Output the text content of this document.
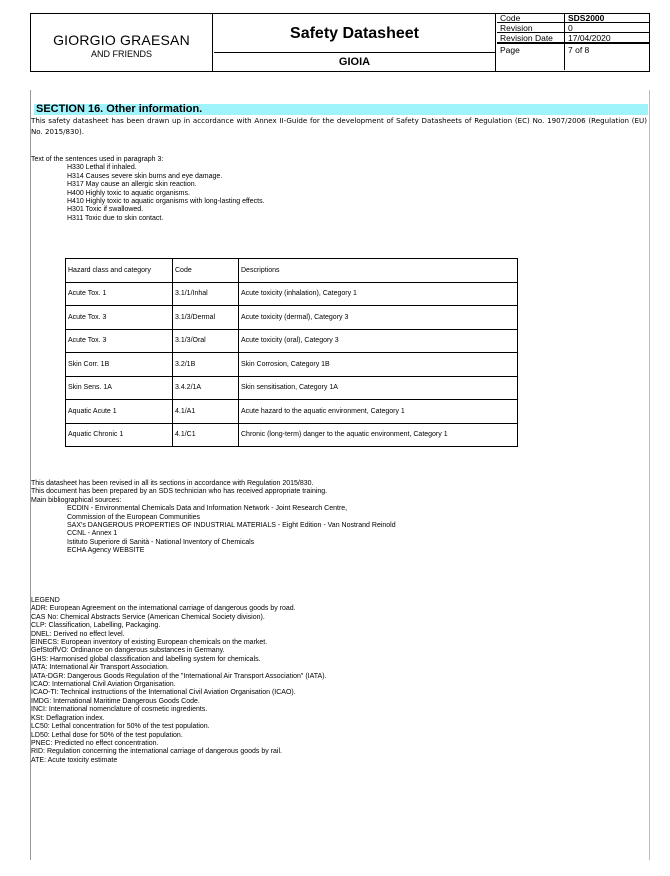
GIORGIO GRAESAN
AND FRIENDS
Safety Datasheet
GIOIA
Code	SDS2000
Revision	0
Revision Date	17/04/2020
Page	7 of 8
SECTION 16. Other information.
This safety datasheet has been drawn up in accordance with Annex II-Guide for the development of Safety Datasheets of Regulation (EC) No. 1907/2006 (Regulation (EU) No. 2015/830).
Text of the sentences used in paragraph 3:
H330 Lethal if inhaled.
H314 Causes severe skin burns and eye damage.
H317 May cause an allergic skin reaction.
H400 Highly toxic to aquatic organisms.
H410 Highly toxic to aquatic organisms with long-lasting effects.
H301 Toxic if swallowed.
H311 Toxic due to skin contact.
Hazard class and category	Code	Descriptions
Acute Tox. 1	3.1/1/Inhal	Acute toxicity (inhalation), Category 1
Acute Tox. 3	3.1/3/Dermal	Acute toxicity (dermal), Category 3
Acute Tox. 3	3.1/3/Oral	Acute toxicity (oral), Category 3
Skin Corr. 1B	3.2/1B	Skin Corrosion, Category 1B
Skin Sens. 1A	3.4.2/1A	Skin sensitisation, Category 1A
Aquatic Acute 1	4.1/A1	Acute hazard to the aquatic environment, Category 1
Aquatic Chronic 1	4.1/C1	Chronic (long-term) danger to the aquatic environment, Category 1
This datasheet has been revised in all its sections in accordance with Regulation 2015/830.
This document has been prepared by an SDS technician who has received appropriate training.
Main bibliographical sources:
ECDIN - Environmental Chemicals Data and Information Network - Joint Research Centre,
Commission of the European Communities
SAX's DANGEROUS PROPERTIES OF INDUSTRIAL MATERIALS - Eight Edition - Van Nostrand Reinold
CCNL - Annex 1
Istituto Superiore di Sanità - National Inventory of Chemicals
ECHA Agency WEBSITE
LEGEND
ADR: European Agreement on the international carriage of dangerous goods by road.
CAS No: Chemical Abstracts Service (American Chemical Society division).
CLP: Classification, Labelling, Packaging.
DNEL: Derived no effect level.
EINECS: European inventory of existing European chemicals on the market.
GefStoffVO: Ordinance on dangerous substances in Germany.
GHS: Harmonised global classification and labelling system for chemicals.
IATA: International Air Transport Association.
IATA-DGR: Dangerous Goods Regulation of the "International Air Transport Association" (IATA).
ICAO: International Civil Aviation Organisation.
ICAO-TI: Technical instructions of the International Civil Aviation Organisation (ICAO).
IMDG: International Maritime Dangerous Goods Code.
INCI: International nomenclature of cosmetic ingredients.
KSt: Deflagration index.
LC50: Lethal concentration for 50% of the test population.
LD50: Lethal dose for 50% of the test population.
PNEC: Predicted no effect concentration.
RID: Regulation concerning the international carriage of dangerous goods by rail.
ATE: Acute toxicity estimate
